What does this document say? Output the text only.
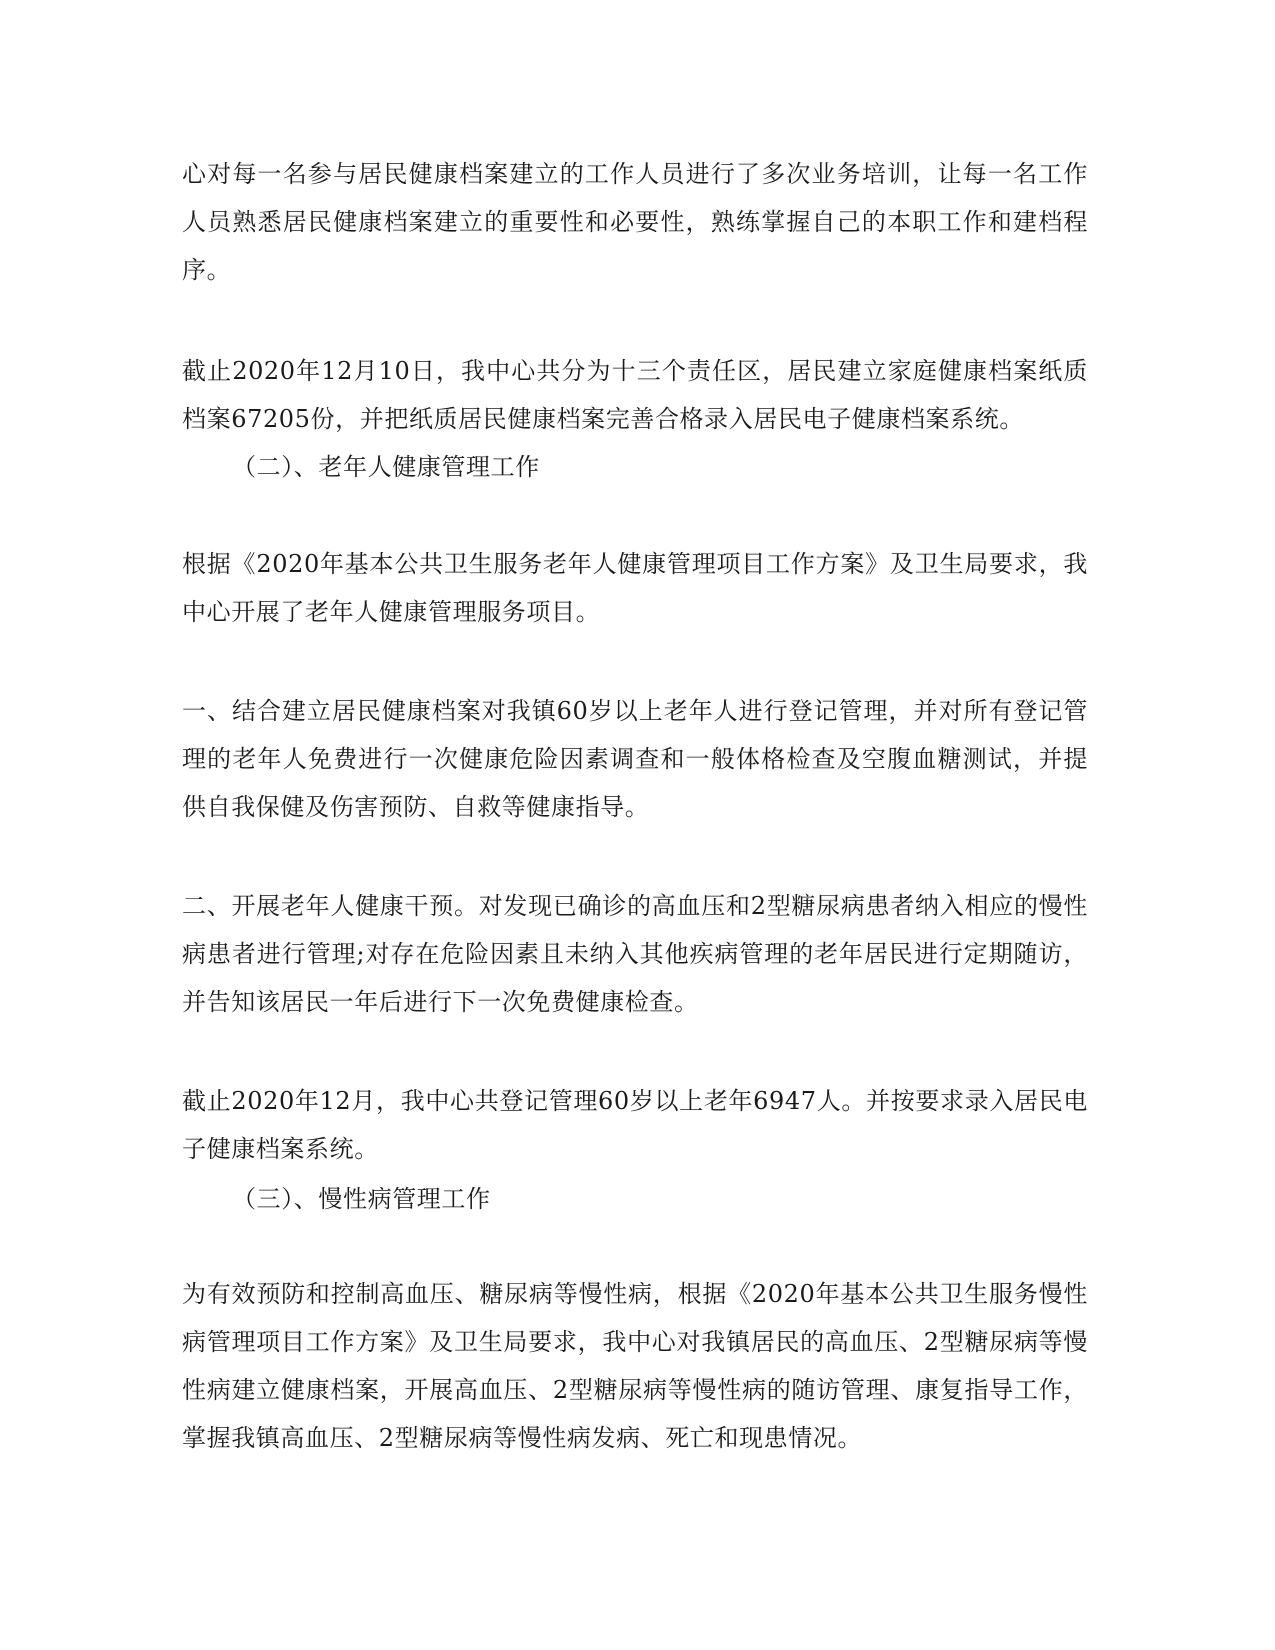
心对每一名参与居民健康档案建立的工作人员进行了多次业务培训，让每一名工作人员熟悉居民健康档案建立的重要性和必要性，熟练掌握自己的本职工作和建档程序。

截止2020年12月10日，我中心共分为十三个责任区，居民建立家庭健康档案纸质档案67205份，并把纸质居民健康档案完善合格录入居民电子健康档案系统。

（二）、老年人健康管理工作

根据《2020年基本公共卫生服务老年人健康管理项目工作方案》及卫生局要求，我中心开展了老年人健康管理服务项目。

一、结合建立居民健康档案对我镇60岁以上老年人进行登记管理，并对所有登记管理的老年人免费进行一次健康危险因素调查和一般体格检查及空腹血糖测试，并提供自我保健及伤害预防、自救等健康指导。

二、开展老年人健康干预。对发现已确诊的高血压和2型糖尿病患者纳入相应的慢性病患者进行管理;对存在危险因素且未纳入其他疾病管理的老年居民进行定期随访，并告知该居民一年后进行下一次免费健康检查。

截止2020年12月，我中心共登记管理60岁以上老年6947人。并按要求录入居民电子健康档案系统。

（三）、慢性病管理工作

为有效预防和控制高血压、糖尿病等慢性病，根据《2020年基本公共卫生服务慢性病管理项目工作方案》及卫生局要求，我中心对我镇居民的高血压、2型糖尿病等慢性病建立健康档案，开展高血压、2型糖尿病等慢性病的随访管理、康复指导工作，掌握我镇高血压、2型糖尿病等慢性病发病、死亡和现患情况。
